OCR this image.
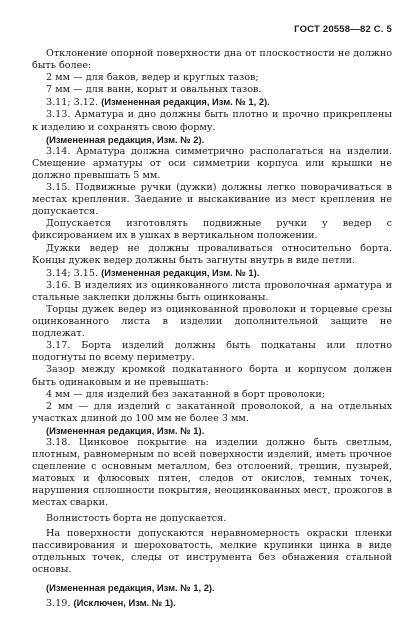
ГОСТ 20558—82 С. 5

Отклонение опорной поверхности дна от плоскостности не должно быть более:

2 мм — для баков, ведер и круглых тазов;

7 мм — для ванн, корыт и овальных тазов.

3.11; 3.12. (Измененная редакция, Изм. № 1, 2).

3.13. Арматура и дно должны быть плотно и прочно прикреплены к изделию и сохранять свою форму.

(Измененная редакция, Изм. № 2).

3.14. Арматура должна симметрично располагаться на изделии. Смещение арматуры от оси симметрии корпуса или крышки не должно превышать 5 мм.

3.15. Подвижные ручки (дужки) должны легко поворачиваться в местах крепления. Заедание и выскакивание из мест крепления не допускается.

Допускается изготовлять подвижные ручки у ведер с фиксированием их в ушках в вертикальном положении.

Дужки ведер не должны проваливаться относительно борта. Концы дужек ведер должны быть загнуты внутрь в виде петли.

3.14; 3.15. (Измененная редакция, Изм. № 1).

3.16. В изделиях из оцинкованного листа проволочная арматура и стальные заклепки должны быть оцинкованы.

Торцы дужек ведер из оцинкованной проволоки и торцевые срезы оцинкованного листа в изделии дополнительной защите не подлежат.

3.17. Борта изделий должны быть подкатаны или плотно подогнуты по всему периметру.

Зазор между кромкой подкатанного борта и корпусом должен быть одинаковым и не превышать:

4 мм — для изделий без закатанной в борт проволоки;

2 мм — для изделий с закатанной проволокой, а на отдельных участках длиной до 100 мм не более 3 мм.

(Измененная редакция, Изм. № 1).

3.18. Цинковое покрытие на изделии должно быть светлым, плотным, равномерным по всей поверхности изделий, иметь прочное сцепление с основным металлом, без отслоений, трещин, пузырей, матовых и флюсовых пятен, следов от окислов, темных точек, нарушения сплошности покрытия, неоцинкованных мест, прожогов в местах сварки.

Волнистость борта не допускается.

На поверхности допускаются неравномерность окраски пленки пассивирования и шероховатость, мелкие крупинки цинка в виде отдельных точек, следы от инструмента без обнажения стальной основы.

(Измененная редакция, Изм. № 1, 2).

3.19. (Исключен, Изм. № 1).
